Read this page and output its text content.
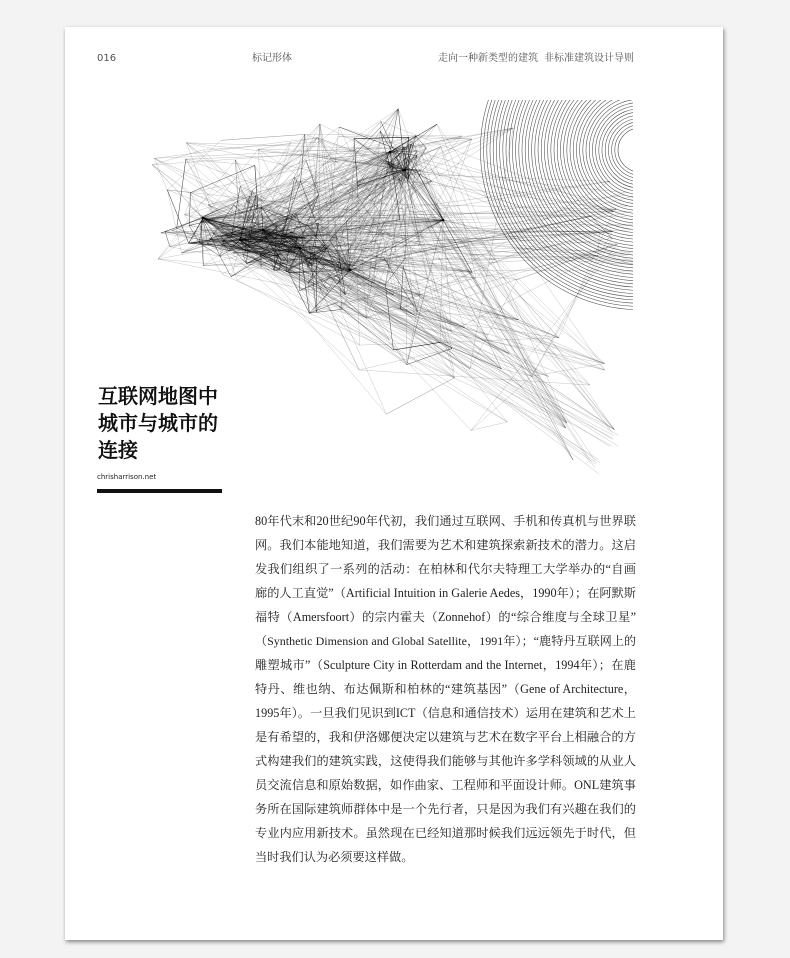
016	标记形体	走向一种新类型的建筑 非标准建筑设计导则
互联网地图中
城市与城市的
连接
chrisharrison.net
80年代末和20世纪90年代初，我们通过互联网、手机和传真机与世界联
网。我们本能地知道，我们需要为艺术和建筑探索新技术的潜力。这启
发我们组织了一系列的活动：在柏林和代尔夫特理工大学举办的“自画
廊的人工直觉”（Artificial Intuition in Galerie Aedes，1990年）；在阿默斯
福特（Amersfoort）的宗内霍夫（Zonnehof）的“综合维度与全球卫星”
（Synthetic Dimension and Global Satellite，1991年）；“鹿特丹互联网上的
雕塑城市”（Sculpture City in Rotterdam and the Internet，1994年）；在鹿
特丹、维也纳、布达佩斯和柏林的“建筑基因”（Gene of Architecture，
1995年）。一旦我们见识到ICT（信息和通信技术）运用在建筑和艺术上
是有希望的，我和伊洛娜便决定以建筑与艺术在数字平台上相融合的方
式构建我们的建筑实践，这使得我们能够与其他许多学科领域的从业人
员交流信息和原始数据，如作曲家、工程师和平面设计师。ONL建筑事
务所在国际建筑师群体中是一个先行者，只是因为我们有兴趣在我们的
专业内应用新技术。虽然现在已经知道那时候我们远远领先于时代，但
当时我们认为必须要这样做。
